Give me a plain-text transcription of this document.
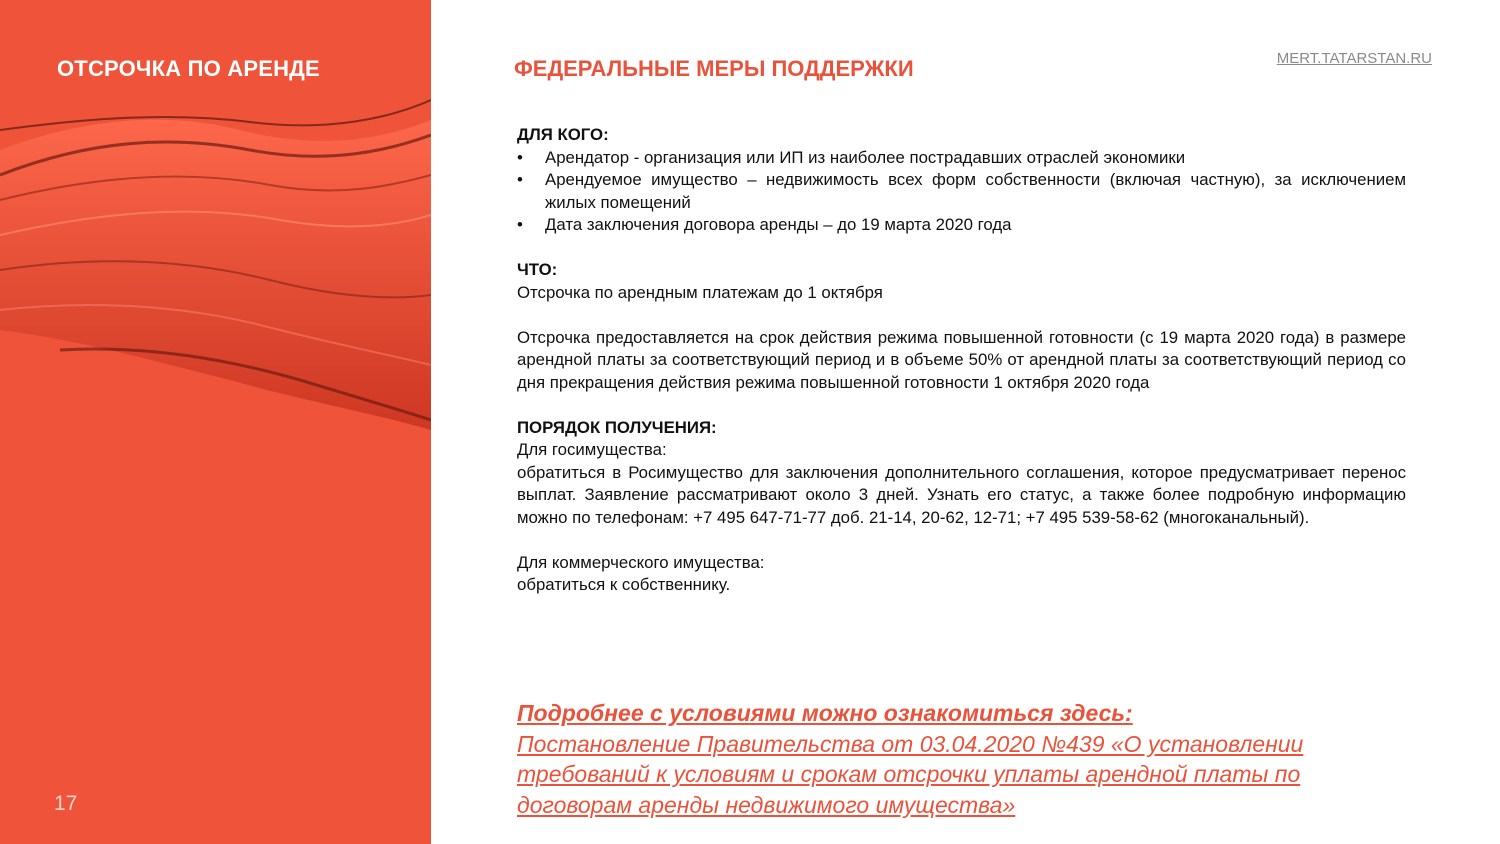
ОТСРОЧКА ПО АРЕНДЕ
17
ФЕДЕРАЛЬНЫЕ МЕРЫ ПОДДЕРЖКИ	MERT.TATARSTAN.RU

ДЛЯ КОГО:

• Арендатор - организация или ИП из наиболее пострадавших отраслей экономики
• Арендуемое имущество – недвижимость всех форм собственности (включая частную), за исключением жилых помещений
• Дата заключения договора аренды – до 19 марта 2020 года

ЧТО:

Отсрочка по арендным платежам до 1 октября

Отсрочка предоставляется на срок действия режима повышенной готовности (с 19 марта 2020 года) в размере арендной платы за соответствующий период и в объеме 50% от арендной платы за соответствующий период со дня прекращения действия режима повышенной готовности 1 октября 2020 года

ПОРЯДОК ПОЛУЧЕНИЯ:

Для госимущества:

обратиться в Росимущество для заключения дополнительного соглашения, которое предусматривает перенос выплат. Заявление рассматривают около 3 дней. Узнать его статус, а также более подробную информацию можно по телефонам: +7 495 647-71-77 доб. 21-14, 20-62, 12-71; +7 495 539-58-62 (многоканальный).

Для коммерческого имущества:

обратиться к собственнику.

Подробнее с условиями можно ознакомиться здесь:

Постановление Правительства от 03.04.2020 №439 «О установлении требований к условиям и срокам отсрочки уплаты арендной платы по договорам аренды недвижимого имущества»
